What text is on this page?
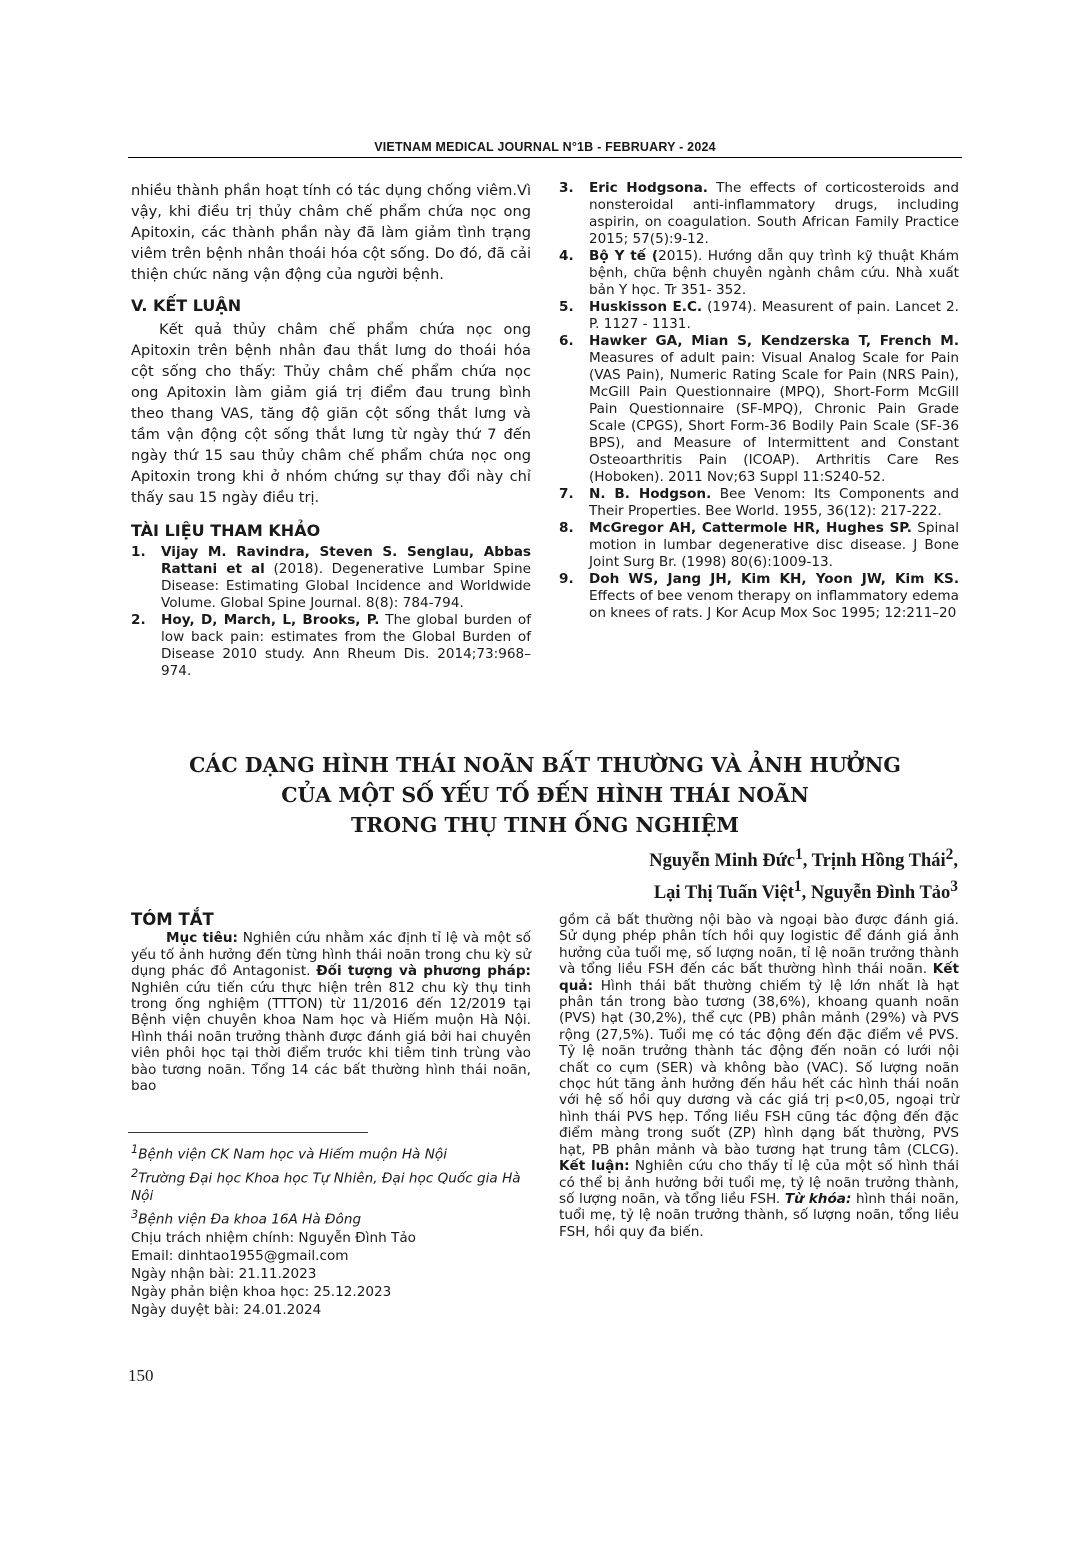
VIETNAM MEDICAL JOURNAL N°1B - FEBRUARY - 2024

nhiều thành phần hoạt tính có tác dụng chống viêm.Vì vậy, khi điều trị thủy châm chế phẩm chứa nọc ong Apitoxin, các thành phần này đã làm giảm tình trạng viêm trên bệnh nhân thoái hóa cột sống. Do đó, đã cải thiện chức năng vận động của người bệnh.

V. KẾT LUẬN

Kết quả thủy châm chế phẩm chứa nọc ong Apitoxin trên bệnh nhân đau thắt lưng do thoái hóa cột sống cho thấy: Thủy châm chế phẩm chứa nọc ong Apitoxin làm giảm giá trị điểm đau trung bình theo thang VAS, tăng độ giãn cột sống thắt lưng và tầm vận động cột sống thắt lưng từ ngày thứ 7 đến ngày thứ 15 sau thủy châm chế phẩm chứa nọc ong Apitoxin trong khi ở nhóm chứng sự thay đổi này chỉ thấy sau 15 ngày điều trị.

TÀI LIỆU THAM KHẢO
1.	Vijay M. Ravindra, Steven S. Senglau, Abbas Rattani et al (2018). Degenerative Lumbar Spine Disease: Estimating Global Incidence and Worldwide Volume. Global Spine Journal. 8(8): 784-794.
2.	Hoy, D, March, L, Brooks, P. The global burden of low back pain: estimates from the Global Burden of Disease 2010 study. Ann Rheum Dis. 2014;73:968–974.
3.	Eric Hodgsona. The effects of corticosteroids and nonsteroidal anti-inflammatory drugs, including aspirin, on coagulation. South African Family Practice 2015; 57(5):9-12.
4.	Bộ Y tế (2015). Hướng dẫn quy trình kỹ thuật Khám bệnh, chữa bệnh chuyên ngành châm cứu. Nhà xuất bản Y học. Tr 351- 352.
5.	Huskisson E.C. (1974). Measurent of pain. Lancet 2. P. 1127 - 1131.
6.	Hawker GA, Mian S, Kendzerska T, French M. Measures of adult pain: Visual Analog Scale for Pain (VAS Pain), Numeric Rating Scale for Pain (NRS Pain), McGill Pain Questionnaire (MPQ), Short-Form McGill Pain Questionnaire (SF-MPQ), Chronic Pain Grade Scale (CPGS), Short Form-36 Bodily Pain Scale (SF-36 BPS), and Measure of Intermittent and Constant Osteoarthritis Pain (ICOAP). Arthritis Care Res (Hoboken). 2011 Nov;63 Suppl 11:S240-52.
7.	N. B. Hodgson. Bee Venom: Its Components and Their Properties. Bee World. 1955, 36(12): 217-222.
8.	McGregor AH, Cattermole HR, Hughes SP. Spinal motion in lumbar degenerative disc disease. J Bone Joint Surg Br. (1998) 80(6):1009-13.
9.	Doh WS, Jang JH, Kim KH, Yoon JW, Kim KS. Effects of bee venom therapy on inflammatory edema on knees of rats. J Kor Acup Mox Soc 1995; 12:211–20
CÁC DẠNG HÌNH THÁI NOÃN BẤT THƯỜNG VÀ ẢNH HƯỞNG
CỦA MỘT SỐ YẾU TỐ ĐẾN HÌNH THÁI NOÃN
TRONG THỤ TINH ỐNG NGHIỆM
Nguyễn Minh Đức$^1$, Trịnh Hồng Thái$^2$,
Lại Thị Tuấn Việt$^1$, Nguyễn Đình Tảo$^3$
TÓM TẮT

Mục tiêu: Nghiên cứu nhằm xác định tỉ lệ và một số yếu tố ảnh hưởng đến từng hình thái noãn trong chu kỳ sử dụng phác đồ Antagonist. Đối tượng và phương pháp: Nghiên cứu tiến cứu thực hiện trên 812 chu kỳ thụ tinh trong ống nghiệm (TTTON) từ 11/2016 đến 12/2019 tại Bệnh viện chuyên khoa Nam học và Hiếm muộn Hà Nội. Hình thái noãn trưởng thành được đánh giá bởi hai chuyên viên phôi học tại thời điểm trước khi tiêm tinh trùng vào bào tương noãn. Tổng 14 các bất thường hình thái noãn, bao

gồm cả bất thường nội bào và ngoại bào được đánh giá. Sử dụng phép phân tích hồi quy logistic để đánh giá ảnh hưởng của tuổi mẹ, số lượng noãn, tỉ lệ noãn trưởng thành và tổng liều FSH đến các bất thường hình thái noãn. Kết quả: Hình thái bất thường chiếm tỷ lệ lớn nhất là hạt phân tán trong bào tương (38,6%), khoang quanh noãn (PVS) hạt (30,2%), thể cực (PB) phân mảnh (29%) và PVS rộng (27,5%). Tuổi mẹ có tác động đến đặc điểm về PVS. Tỷ lệ noãn trưởng thành tác động đến noãn có lưới nội chất co cụm (SER) và không bào (VAC). Số lượng noãn chọc hút tăng ảnh hưởng đến hầu hết các hình thái noãn với hệ số hồi quy dương và các giá trị p<0,05, ngoại trừ hình thái PVS hẹp. Tổng liều FSH cũng tác động đến đặc điểm màng trong suốt (ZP) hình dạng bất thường, PVS hạt, PB phân mảnh và bào tương hạt trung tâm (CLCG). Kết luận: Nghiên cứu cho thấy tỉ lệ của một số hình thái có thể bị ảnh hưởng bởi tuổi mẹ, tỷ lệ noãn trưởng thành, số lượng noãn, và tổng liều FSH. Từ khóa: hình thái noãn, tuổi mẹ, tỷ lệ noãn trưởng thành, số lượng noãn, tổng liều FSH, hồi quy đa biến.

$^1$Bệnh viện CK Nam học và Hiếm muộn Hà Nội

$^2$Trường Đại học Khoa học Tự Nhiên, Đại học Quốc gia Hà Nội

$^3$Bệnh viện Đa khoa 16A Hà Đông

Chịu trách nhiệm chính: Nguyễn Đình Tảo

Email: dinhtao1955@gmail.com

Ngày nhận bài: 21.11.2023

Ngày phản biện khoa học: 25.12.2023

Ngày duyệt bài: 24.01.2024

150
